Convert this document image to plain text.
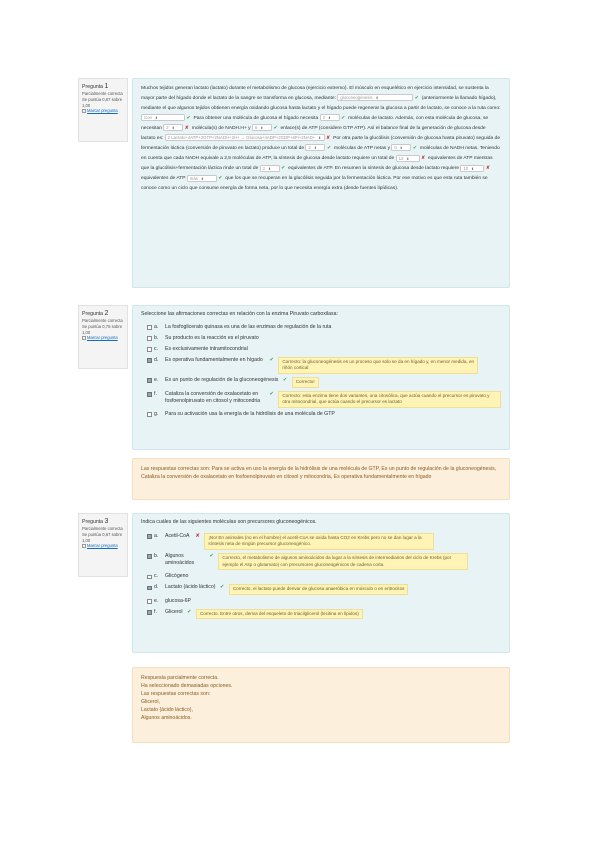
Pregunta 1
Parcialmente correcta
Se puntúa 0,67 sobre 1,00
Marcar pregunta
Muchos tejidos generan lactato (lactato) durante el metabolismo de glucosa (ejercicio extremo). El músculo en esquelético en ejercicio intensidad, se sustenta la mayor parte del hígado donde el lactato de la sangre se transforma en glucosa, mediante: gluconeogénesis ⬍	✔ (anteriormente la llamado hígado), mediante el que algunos tejidos obtienen energía oxidando glucosa hasta lactato y el hígado puede regenerar la glucosa a partir de lactato, se conoce a la ruta como: Cori ⬍	✔ Para obtener una molécula de glucosa el hígado necesita 2 ⬍ ✔ moléculas de lactato. Además, con esta molécula de glucosa, se necesitan 2 ⬍ ✘ molécula(s) de NADH.H+ y 6 ⬍ ✔ enlace(s) de ATP (considere GTP ATP). Así el balance final de la generación de glucosa desde lactato es: 2 Lactato+4ATP+2GTP+2NADH+2H+ → Glucosa+4ADP+2GDP+6Pi+2NAD+ ⬍ ✘ Por otra parte la glucólisis (conversión de glucosa hasta piruvato) seguida de fermentación láctica (conversión de piruvato en lactato) produce un total de 2 ⬍ ✔ moléculas de ATP netas y 0 ⬍ ✔ moléculas de NADH netas. Teniendo en cuenta que cada NADH equivale a 2,5 moléculas de ATP, la síntesis de glucosa desde lactato requiere un total de 12 ⬍ ✘ equivalentes de ATP mientras que la glucólisis+fermentación láctica rinde un total de 2 ⬍ ✔ equivalentes de ATP. En resumen la síntesis de glucosa desde lactato requiere 10 ⬍ ✘ equivalentes de ATP más ⬍	✔ que los que se recuperan en la glucólisis seguida por la fermentación láctica. Por ese motivo es que esta ruta también se conoce como un ciclo que consume energía de forma neta, por lo que necesita energía extra (desde fuentes lipídicas).
Pregunta 2
Parcialmente correcta
Se puntúa 0,75 sobre 1,00
Marcar pregunta
Seleccione las afirmaciones correctas en relación con la enzima Piruvato carboxilasa:
a. La fosfoglicerato quinasa es una de las enzimas de regulación de la ruta
b. Su producto es la reacción es el piruvato
c. Es exclusivamente intramitocondrial
d. Es operativa fundamentalmente en hígado	✔	Correcto: la gluconeogénesis es un proceso que solo se da en hígado y, en menor medida, en riñón cortical
e. Es un punto de regulación de la gluconeogénesis ✔	Correcto!
f. Cataliza la conversión de oxalacetato en fosfoenolpiruvato en citosol y mitocondria
✔	Correcto: esta enzima tiene dos variantes, una citosólica, que actúa cuando el precursor es piruvato y otra mitocondrial, que actúa cuando el precursor es lactato
g. Para su activación usa la energía de la hidrólisis de una molécula de GTP
Las respuestas correctas son: Para se activa en uso la energía de la hidrólisis de una molécula de GTP, Es un punto de regulación de la gluconeogénesis, Cataliza la conversión de oxalacetato en fosfoenolpiruvato en citosol y mitocondria, Es operativa fundamentalmente en hígado
Pregunta 3
Parcialmente correcta
Se puntúa 0,67 sobre 1,00
Marcar pregunta
Indica cuáles de las siguientes moléculas son precursores gluconeogénicos.
a. Acetil-CoA ✘	¡No! En animales (no en el hombre) el acetil-CoA se oxida hasta CO2 en Krebs pero no se dan lugar a la síntesis neta de ningún precursor gluconeogénico.
b. Algunos aminoácidos
✔	Correcto, el metabolismo de algunos aminoácidos da lugar a la síntesis de intermediarios del ciclo de Krebs (por ejemplo el Asp o glutamato) con precursores gluconeogénicos de cadena corta.
c. Glicógeno
d. Lactato (ácido láctico) ✔	Correcto, el lactato puede derivar de glucosa anaeróbica en músculo o en eritrocitos
e. glucosa-6P
f. Glicerol ✔	Correcto. Entre otros, deriva del esqueleto de triacilglicerol (lecitina en lípidos)
Respuesta parcialmente correcta.
Ha seleccionado demasiadas opciones.
Las respuestas correctas son:
Glicerol,
Lactato (ácido láctico),
Algunos aminoácidos.
